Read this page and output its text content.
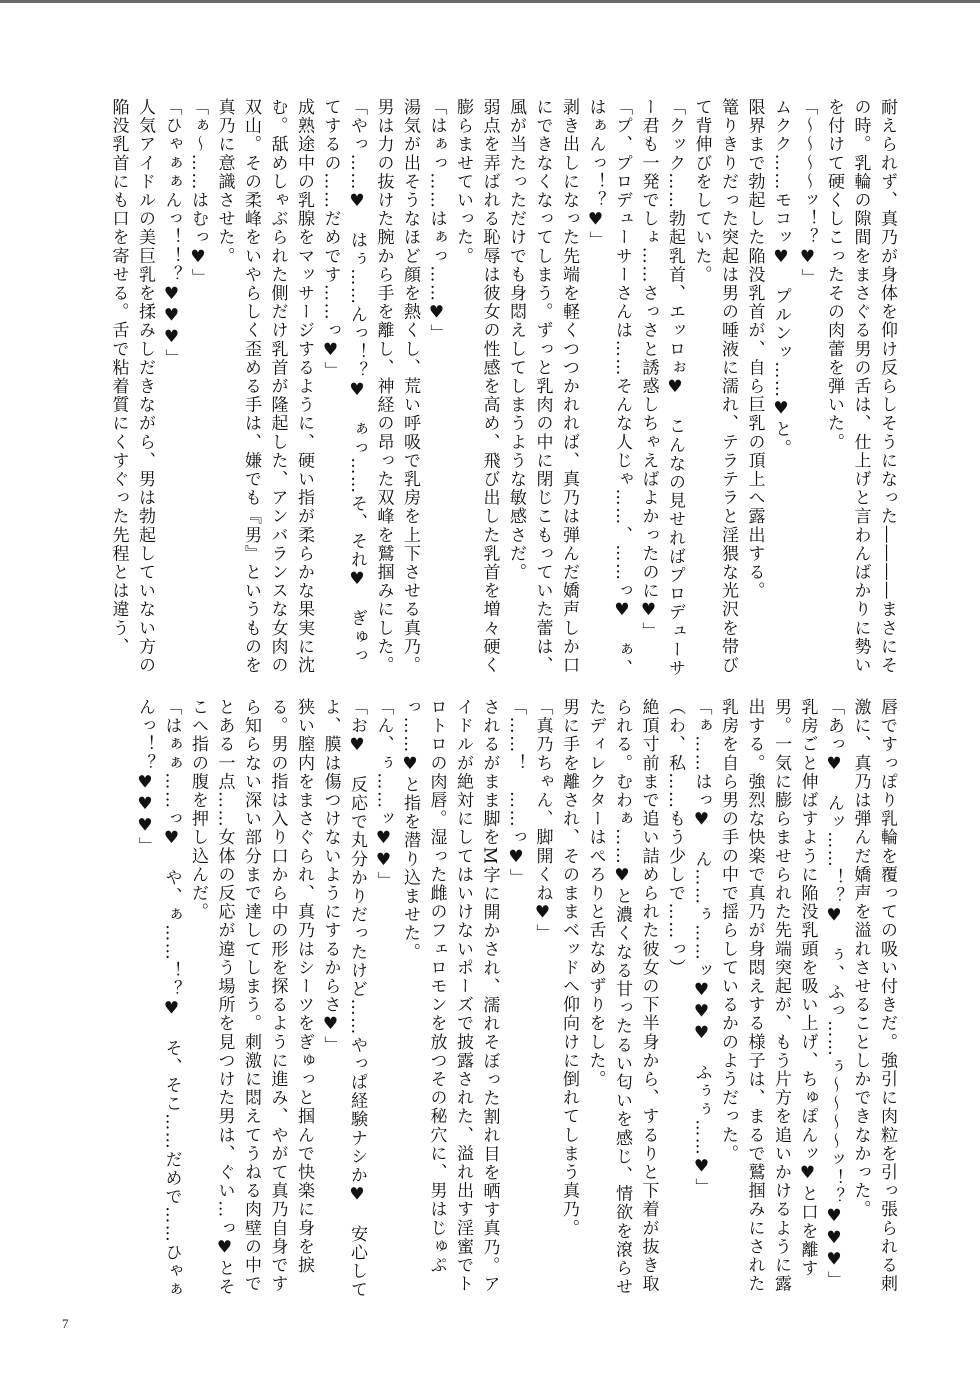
耐えられず、真乃が身体を仰け反らしそうになった――――まさにその時。乳輪の隙間をまさぐる男の舌は、仕上げと言わんばかりに勢いを付けて硬くしこったその肉蕾を弾いた。

「～～～～ッ！？♥」

ムクク……モコッ♥　プルンッ……♥と。

限界まで勃起した陥没乳首が、自ら巨乳の頂上へ露出する。

篭りきりだった突起は男の唾液に濡れ、テラテラと淫猥な光沢を帯びて背伸びをしていた。

「クック……勃起乳首、エッロぉ♥　こんなの見せればプロデューサー君も一発でしょ……さっさと誘惑しちゃえばよかったのに♥」

「プ、プロデューサーさんは……そんな人じゃ……、……っ♥　ぁ、はぁんっ！？♥」

剥き出しになった先端を軽くつつかれれば、真乃は弾んだ嬌声しか口にできなくなってしまう。ずっと乳肉の中に閉じこもっていた蕾は、風が当たっただけでも身悶えしてしまうような敏感さだ。

弱点を弄ばれる恥辱は彼女の性感を高め、飛び出した乳首を増々硬く膨らませていった。

「はぁっ……はぁっ……♥」

湯気が出そうなほど顔を熱くし、荒い呼吸で乳房を上下させる真乃。男は力の抜けた腕から手を離し、神経の昂った双峰を鷲掴みにした。

「やっ……♥　はぅ……んっ！？♥　ぁっ……そ、それ♥　ぎゅってするの……だめです……っ♥」

成熟途中の乳腺をマッサージするように、硬い指が柔らかな果実に沈む。舐めしゃぶられた側だけ乳首が隆起した、アンバランスな女肉の双山。その柔峰をいやらしく歪める手は、嫌でも『男』というものを真乃に意識させた。

「ぁ～……はむっ♥」

「ひゃぁぁんっ！！？♥♥♥」

人気アイドルの美巨乳を揉みしだきながら、男は勃起していない方の陥没乳首にも口を寄せる。舌で粘着質にくすぐった先程とは違う、

唇ですっぽり乳輪を覆っての吸い付きだ。強引に肉粒を引っ張られる刺激に、真乃は弾んだ嬌声を溢れさせることしかできなかった。

「あっ♥　んッ……！？♥　ぅ、ふっ……ぅ～～～～ッ！？♥♥♥」

乳房ごと伸ばすように陥没乳頭を吸い上げ、ちゅぽんッ♥と口を離す男。一気に膨らませられた先端突起が、もう片方を追いかけるように露出する。強烈な快楽で真乃が身悶えする様子は、まるで鷲掴みにされた乳房を自ら男の手の中で揺らしているかのようだった。

「ぁ……はっ♥　ん……ぅ……ッ♥♥♥　ふぅぅ……♥」

（わ、私……もう少しで……っ）

絶頂寸前まで追い詰められた彼女の下半身から、するりと下着が抜き取られる。むわぁ……♥と濃くなる甘ったるい匂いを感じ、情欲を滾らせたディレクターはぺろりと舌なめずりをした。

男に手を離され、そのままベッドへ仰向けに倒れてしまう真乃。

「真乃ちゃん、脚開くね♥」

「……！　……っ♥」

されるがまま脚をM字に開かされ、濡れそぼった割れ目を晒す真乃。アイドルが絶対にしてはいけないポーズで披露された、溢れ出す淫蜜でトロトロの肉唇。湿った雌のフェロモンを放つその秘穴に、男はじゅぷっ……♥と指を潜り込ませた。

「ん、ぅ……ッ♥♥」

「お♥　反応で丸分かりだったけど……やっぱ経験ナシか♥　安心してよ、膜は傷つけないようにするからさ♥」

狭い膣内をまさぐられ、真乃はシーツをぎゅっと掴んで快楽に身を捩る。男の指は入り口から中の形を探るように進み、やがて真乃自身ですら知らない深い部分まで達してしまう。刺激に悶えてうねる肉壁の中でとある一点……女体の反応が違う場所を見つけた男は、ぐい…っ♥とそこへ指の腹を押し込んだ。

「はぁぁ……っ♥　や、ぁ……！？♥　そ、そこ……だめで……ひゃぁんっ！？♥♥♥」

7
